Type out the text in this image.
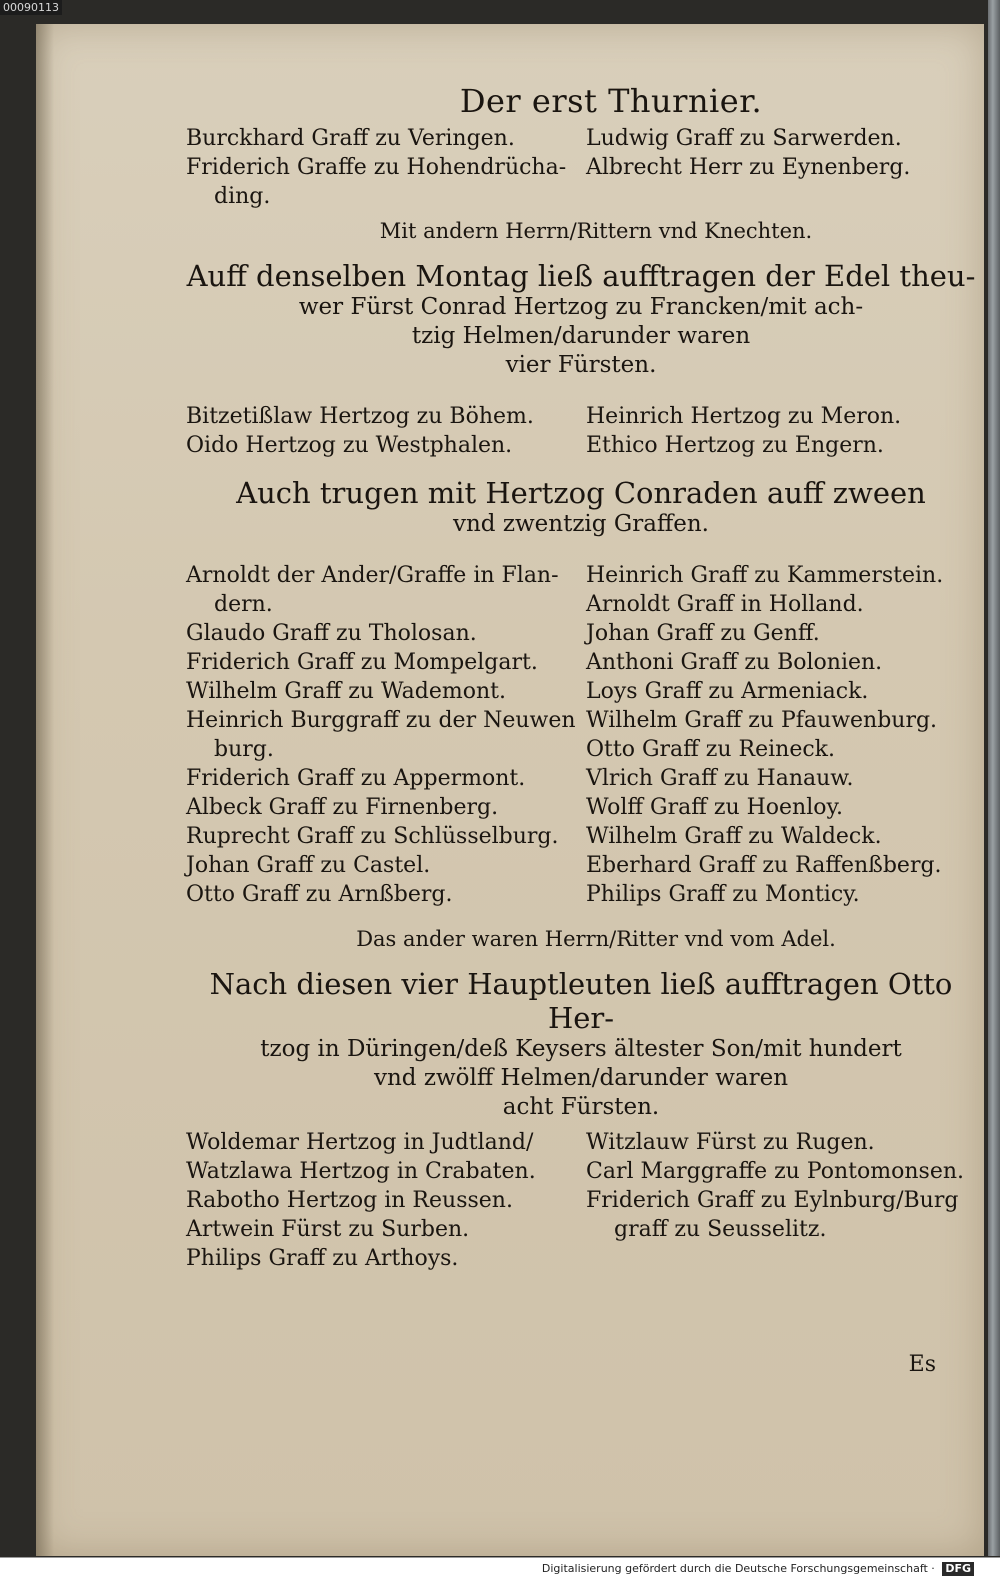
00090113
Der erst Thurnier.
Burckhard Graff zu Veringen.
Friderich Graffe zu Hohendrücha-
ding.
Ludwig Graff zu Sarwerden.
Albrecht Herr zu Eynenberg.
Mit andern Herrn/Rittern vnd Knechten.
Auff denselben Montag ließ aufftragen der Edel theu-
wer Fürst Conrad Hertzog zu Francken/mit ach-
tzig Helmen/darunder waren
vier Fürsten.
Bitzetißlaw Hertzog zu Böhem.
Oido Hertzog zu Westphalen.
Heinrich Hertzog zu Meron.
Ethico Hertzog zu Engern.
Auch trugen mit Hertzog Conraden auff zween
vnd zwentzig Graffen.
Arnoldt der Ander/Graffe in Flan-
dern.
Glaudo Graff zu Tholosan.
Friderich Graff zu Mompelgart.
Wilhelm Graff zu Wademont.
Heinrich Burggraff zu der Neuwen
burg.
Friderich Graff zu Appermont.
Albeck Graff zu Firnenberg.
Ruprecht Graff zu Schlüsselburg.
Johan Graff zu Castel.
Otto Graff zu Arnßberg.
Heinrich Graff zu Kammerstein.
Arnoldt Graff in Holland.
Johan Graff zu Genff.
Anthoni Graff zu Bolonien.
Loys Graff zu Armeniack.
Wilhelm Graff zu Pfauwenburg.
Otto Graff zu Reineck.
Vlrich Graff zu Hanauw.
Wolff Graff zu Hoenloy.
Wilhelm Graff zu Waldeck.
Eberhard Graff zu Raffenßberg.
Philips Graff zu Monticy.
Das ander waren Herrn/Ritter vnd vom Adel.
Nach diesen vier Hauptleuten ließ aufftragen Otto Her-
tzog in Düringen/deß Keysers ältester Son/mit hundert
vnd zwölff Helmen/darunder waren
acht Fürsten.
Woldemar Hertzog in Judtland/
Watzlawa Hertzog in Crabaten.
Rabotho Hertzog in Reussen.
Artwein Fürst zu Surben.
Philips Graff zu Arthoys.
Witzlauw Fürst zu Rugen.
Carl Marggraffe zu Pontomonsen.
Friderich Graff zu Eylnburg/Burg
graff zu Seusselitz.
Es
Digitalisierung gefördert durch die Deutsche Forschungsgemeinschaft · DFG
